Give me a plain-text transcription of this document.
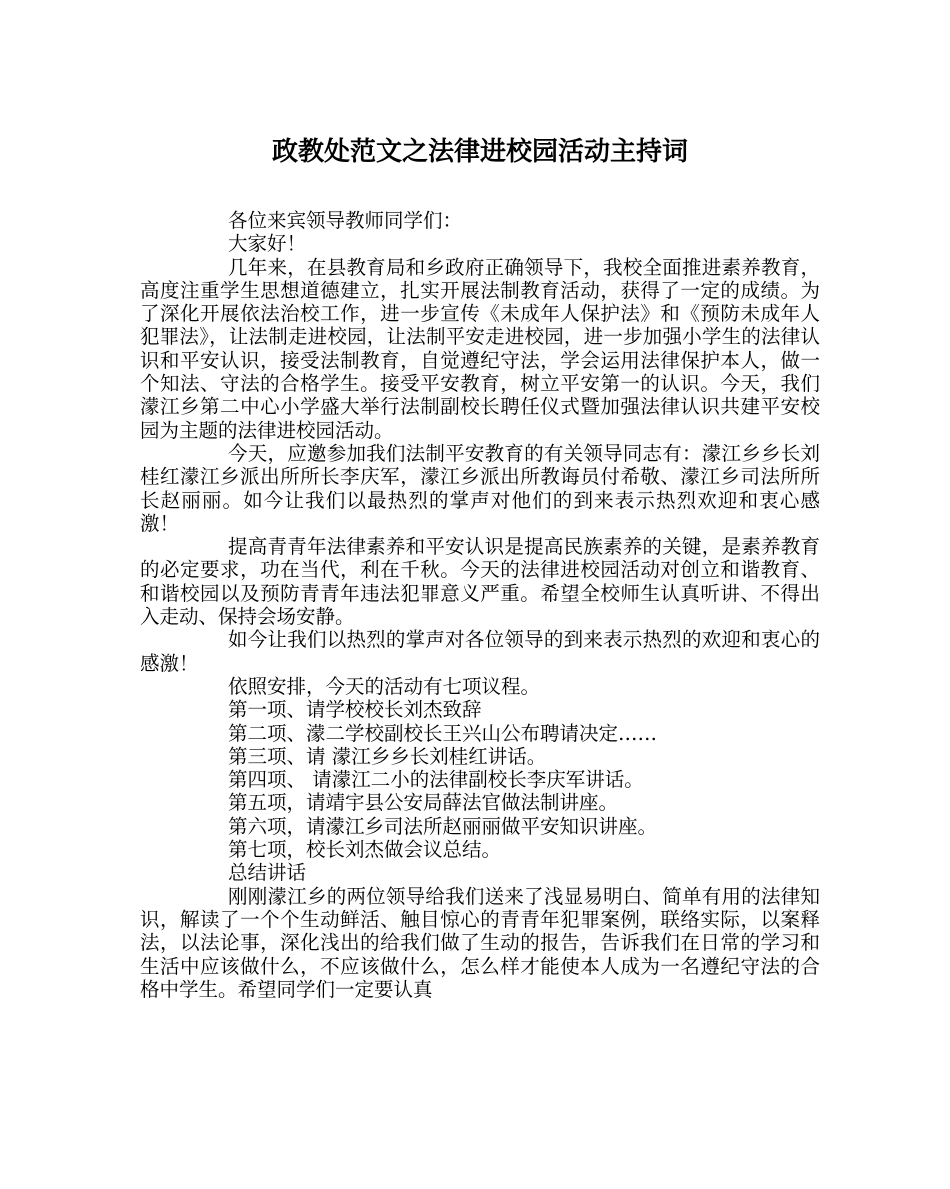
政教处范文之法律进校园活动主持词

各位来宾领导教师同学们：

大家好！

几年来，在县教育局和乡政府正确领导下，我校全面推进素养教育，高度注重学生思想道德建立，扎实开展法制教育活动，获得了一定的成绩。为了深化开展依法治校工作，进一步宣传《未成年人保护法》和《预防未成年人犯罪法》，让法制走进校园，让法制平安走进校园，进一步加强小学生的法律认识和平安认识，接受法制教育，自觉遵纪守法，学会运用法律保护本人，做一个知法、守法的合格学生。接受平安教育，树立平安第一的认识。今天，我们濛江乡第二中心小学盛大举行法制副校长聘任仪式暨加强法律认识共建平安校园为主题的法律进校园活动。

今天，应邀参加我们法制平安教育的有关领导同志有：濛江乡乡长刘桂红濛江乡派出所所长李庆军，濛江乡派出所教诲员付希敬、濛江乡司法所所长赵丽丽。如今让我们以最热烈的掌声对他们的到来表示热烈欢迎和衷心感激！

提高青青年法律素养和平安认识是提高民族素养的关键，是素养教育的必定要求，功在当代，利在千秋。今天的法律进校园活动对创立和谐教育、和谐校园以及预防青青年违法犯罪意义严重。希望全校师生认真听讲、不得出入走动、保持会场安静。

如今让我们以热烈的掌声对各位领导的到来表示热烈的欢迎和衷心的感激！

依照安排，今天的活动有七项议程。

第一项、请学校校长刘杰致辞

第二项、濛二学校副校长王兴山公布聘请决定……

第三项、请 濛江乡乡长刘桂红讲话。

第四项、 请濛江二小的法律副校长李庆军讲话。

第五项，请靖宇县公安局薛法官做法制讲座。

第六项，请濛江乡司法所赵丽丽做平安知识讲座。

第七项，校长刘杰做会议总结。

总结讲话

刚刚濛江乡的两位领导给我们送来了浅显易明白、简单有用的法律知识，解读了一个个生动鲜活、触目惊心的青青年犯罪案例，联络实际，以案释法，以法论事，深化浅出的给我们做了生动的报告，告诉我们在日常的学习和生活中应该做什么，不应该做什么，怎么样才能使本人成为一名遵纪守法的合格中学生。希望同学们一定要认真
